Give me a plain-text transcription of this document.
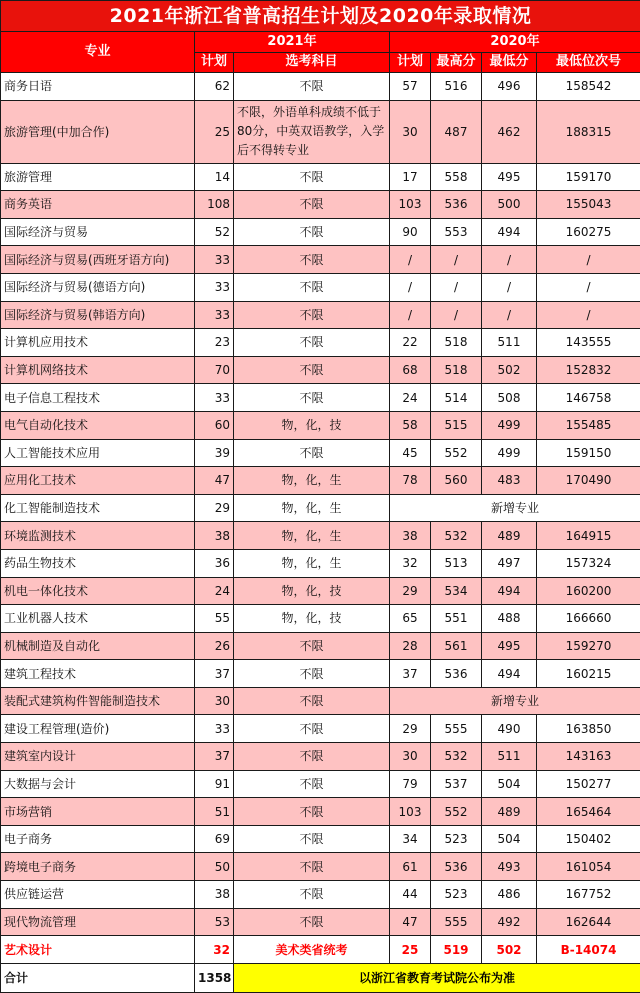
2021年浙江省普高招生计划及2020年录取情况						
专业	2021年		2020年			
	计划	选考科目	计划	最高分	最低分	最低位次号
商务日语	62	不限	57	516	496	158542
旅游管理(中加合作)	25	不限，外语单科成绩不低于80分，中英双语教学，入学后不得转专业	30	487	462	188315
旅游管理	14	不限	17	558	495	159170
商务英语	108	不限	103	536	500	155043
国际经济与贸易	52	不限	90	553	494	160275
国际经济与贸易(西班牙语方向)	33	不限	/	/	/	/
国际经济与贸易(德语方向)	33	不限	/	/	/	/
国际经济与贸易(韩语方向)	33	不限	/	/	/	/
计算机应用技术	23	不限	22	518	511	143555
计算机网络技术	70	不限	68	518	502	152832
电子信息工程技术	33	不限	24	514	508	146758
电气自动化技术	60	物，化，技	58	515	499	155485
人工智能技术应用	39	不限	45	552	499	159150
应用化工技术	47	物，化，生	78	560	483	170490
化工智能制造技术	29	物，化，生	新增专业			
环境监测技术	38	物，化，生	38	532	489	164915
药品生物技术	36	物，化，生	32	513	497	157324
机电一体化技术	24	物，化，技	29	534	494	160200
工业机器人技术	55	物，化，技	65	551	488	166660
机械制造及自动化	26	不限	28	561	495	159270
建筑工程技术	37	不限	37	536	494	160215
装配式建筑构件智能制造技术	30	不限	新增专业			
建设工程管理(造价)	33	不限	29	555	490	163850
建筑室内设计	37	不限	30	532	511	143163
大数据与会计	91	不限	79	537	504	150277
市场营销	51	不限	103	552	489	165464
电子商务	69	不限	34	523	504	150402
跨境电子商务	50	不限	61	536	493	161054
供应链运营	38	不限	44	523	486	167752
现代物流管理	53	不限	47	555	492	162644
艺术设计	32	美术类省统考	25	519	502	B-14074
合计	1358	以浙江省教育考试院公布为准				
